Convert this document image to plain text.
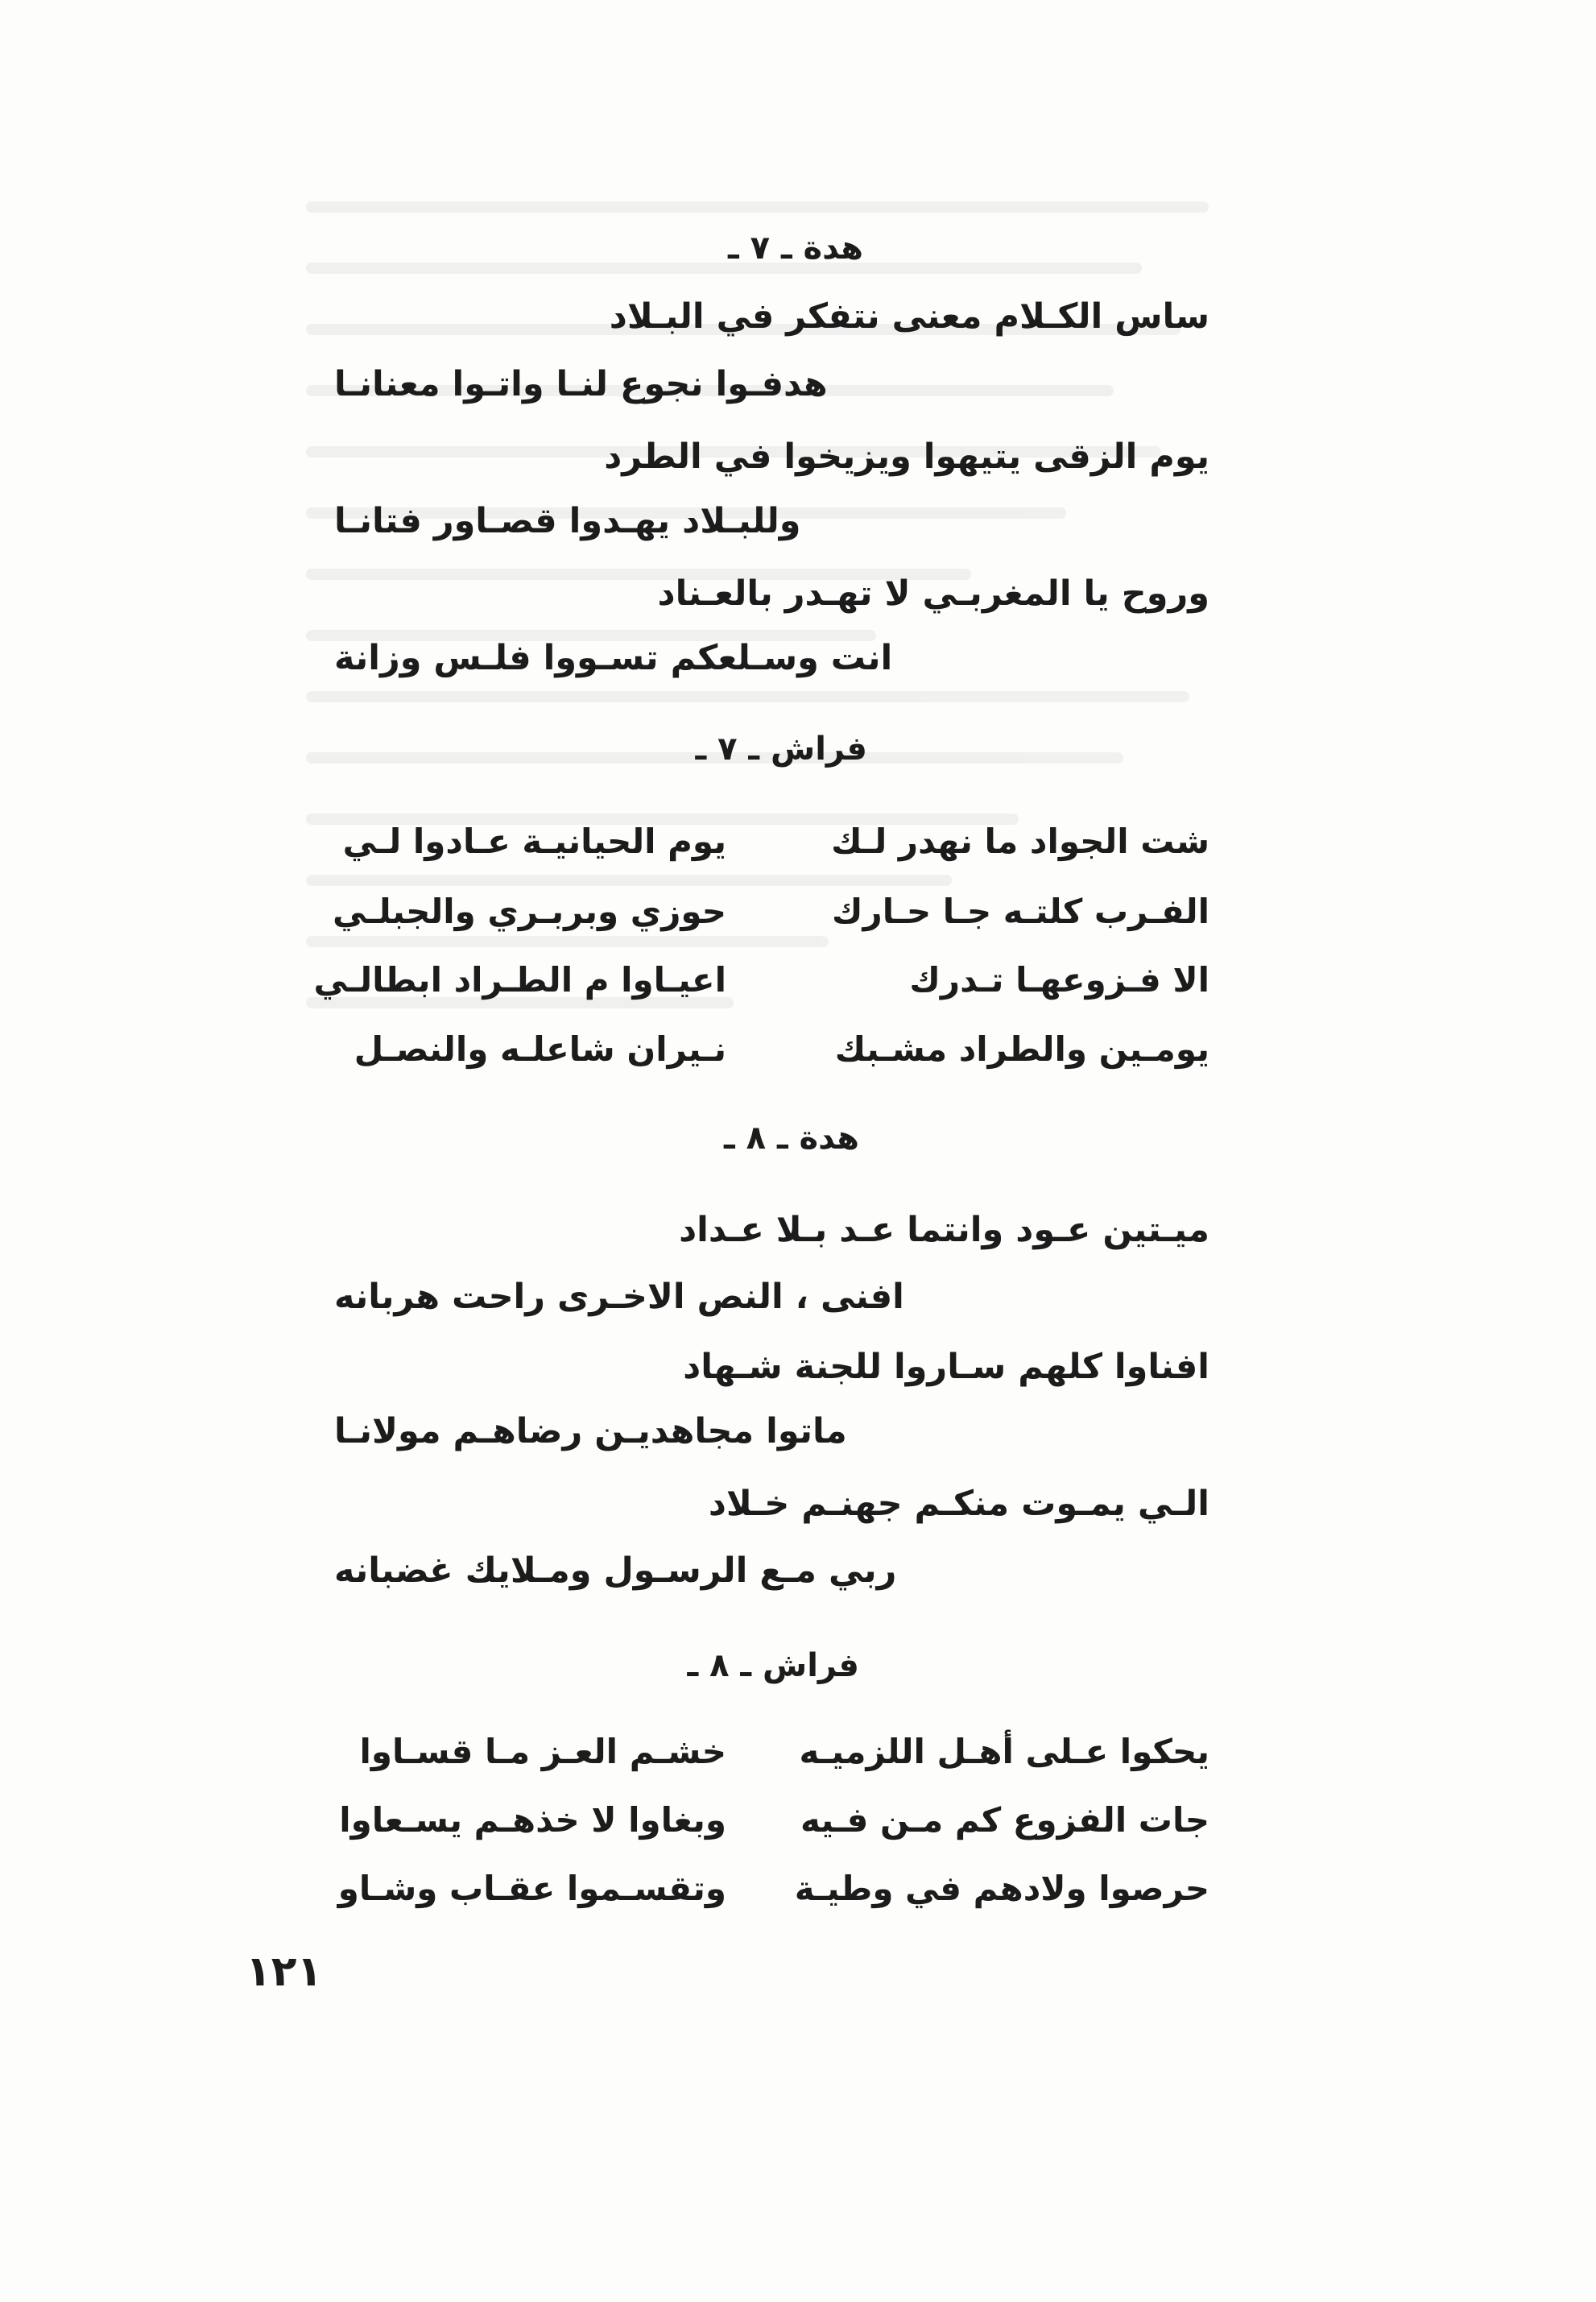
هدة ـ ٧ ـ
ساس الكـلام معنى نتفكر في البـلاد
هدفـوا نجوع لنـا واتـوا معنانـا
يوم الزقى يتيهوا ويزيخوا في الطرد
وللبـلاد يهـدوا قصـاور فتانـا
وروح يا المغربـي لا تهـدر بالعـناد
انت وسـلعكم تسـووا فلـس وزانة
فراش ـ ٧ ـ
شت الجواد ما نهدر لـك
يوم الحيانيـة عـادوا لـي
الفـرب كلتـه جـا حـارك
حوزي وبربـري والجبلـي
الا فـزوعهـا تـدرك
اعيـاوا م الطـراد ابطالـي
يومـين والطراد مشـبك
نـيران شاعلـه والنصـل
هدة ـ ٨ ـ
ميـتين عـود وانتما عـد بـلا عـداد
افنى ، النص الاخـرى راحت هربانه
افناوا كلهم سـاروا للجنة شـهاد
ماتوا مجاهديـن رضاهـم مولانـا
الـي يمـوت منكـم جهنـم خـلاد
ربي مـع الرسـول ومـلايك غضبانه
فراش ـ ٨ ـ
يحكوا عـلى أهـل اللزميـه
خشـم العـز مـا قسـاوا
جات الفزوع كم مـن فـيه
وبغاوا لا خذهـم يسـعاوا
حرصوا ولادهم في وطيـة
وتقسـموا عقـاب وشـاو
١٢١
